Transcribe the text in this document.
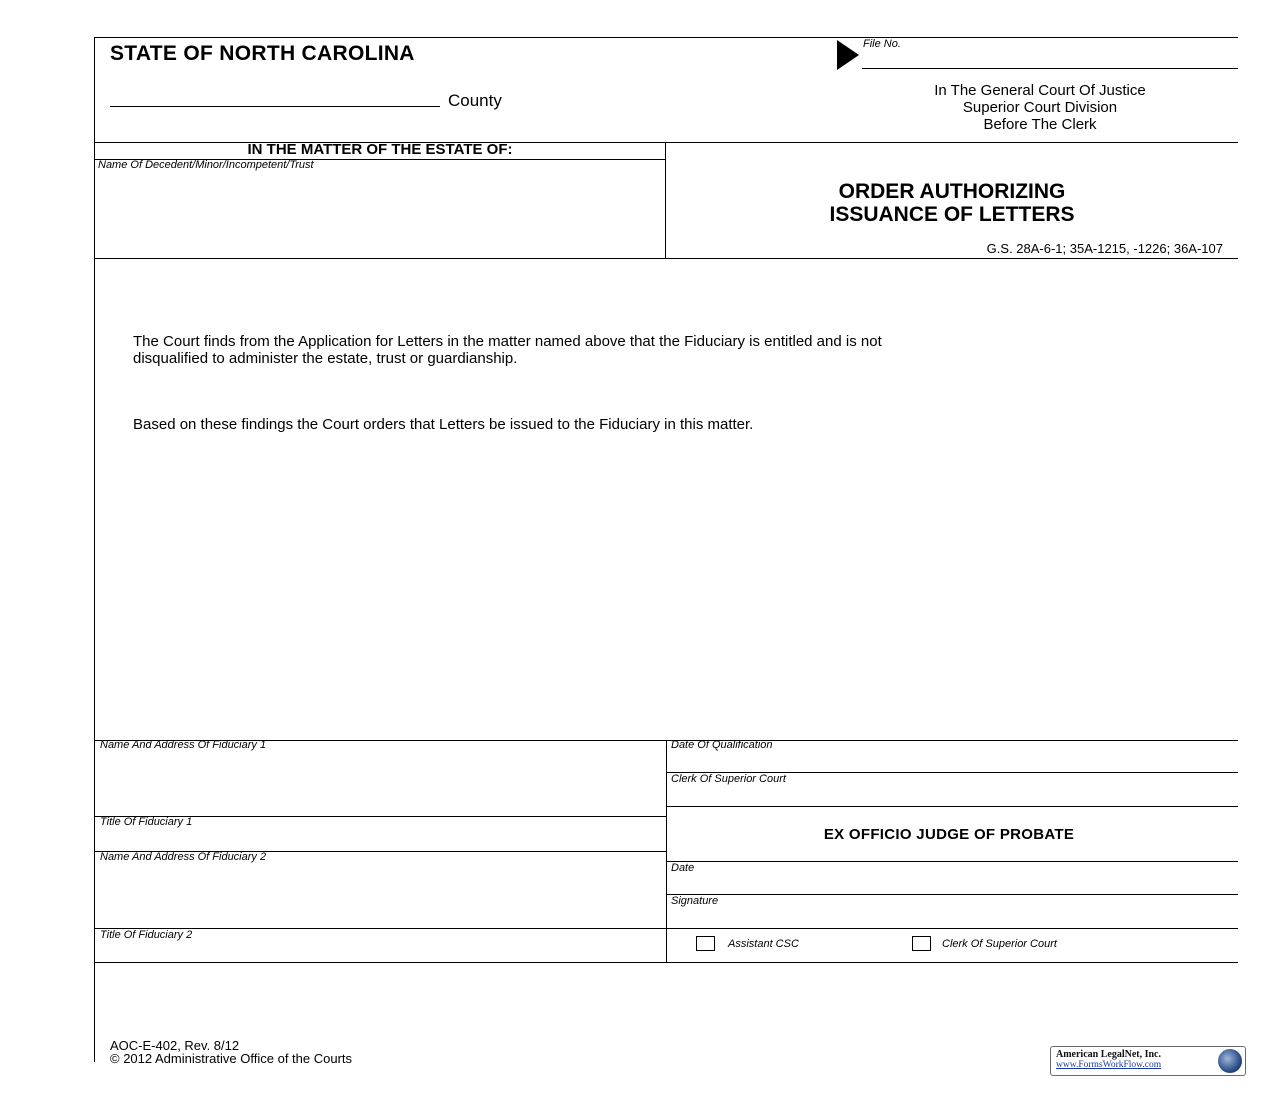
STATE OF NORTH CAROLINA
County
File No.
In The General Court Of Justice
Superior Court Division
Before The Clerk
IN THE MATTER OF THE ESTATE OF:
Name Of Decedent/Minor/Incompetent/Trust
ORDER AUTHORIZING
ISSUANCE OF LETTERS
G.S. 28A-6-1; 35A-1215, -1226; 36A-107
The Court finds from the Application for Letters in the matter named above that the Fiduciary is entitled and is not
disqualified to administer the estate, trust or guardianship.
Based on these findings the Court orders that Letters be issued to the Fiduciary in this matter.
Name And Address Of Fiduciary 1
Title Of Fiduciary 1
Name And Address Of Fiduciary 2
Title Of Fiduciary 2
Date Of Qualification
Clerk Of Superior Court
EX OFFICIO JUDGE OF PROBATE
Date
Signature
Assistant CSC	Clerk Of Superior Court
AOC-E-402, Rev. 8/12
© 2012 Administrative Office of the Courts	American LegalNet, Inc.
www.FormsWorkFlow.com
